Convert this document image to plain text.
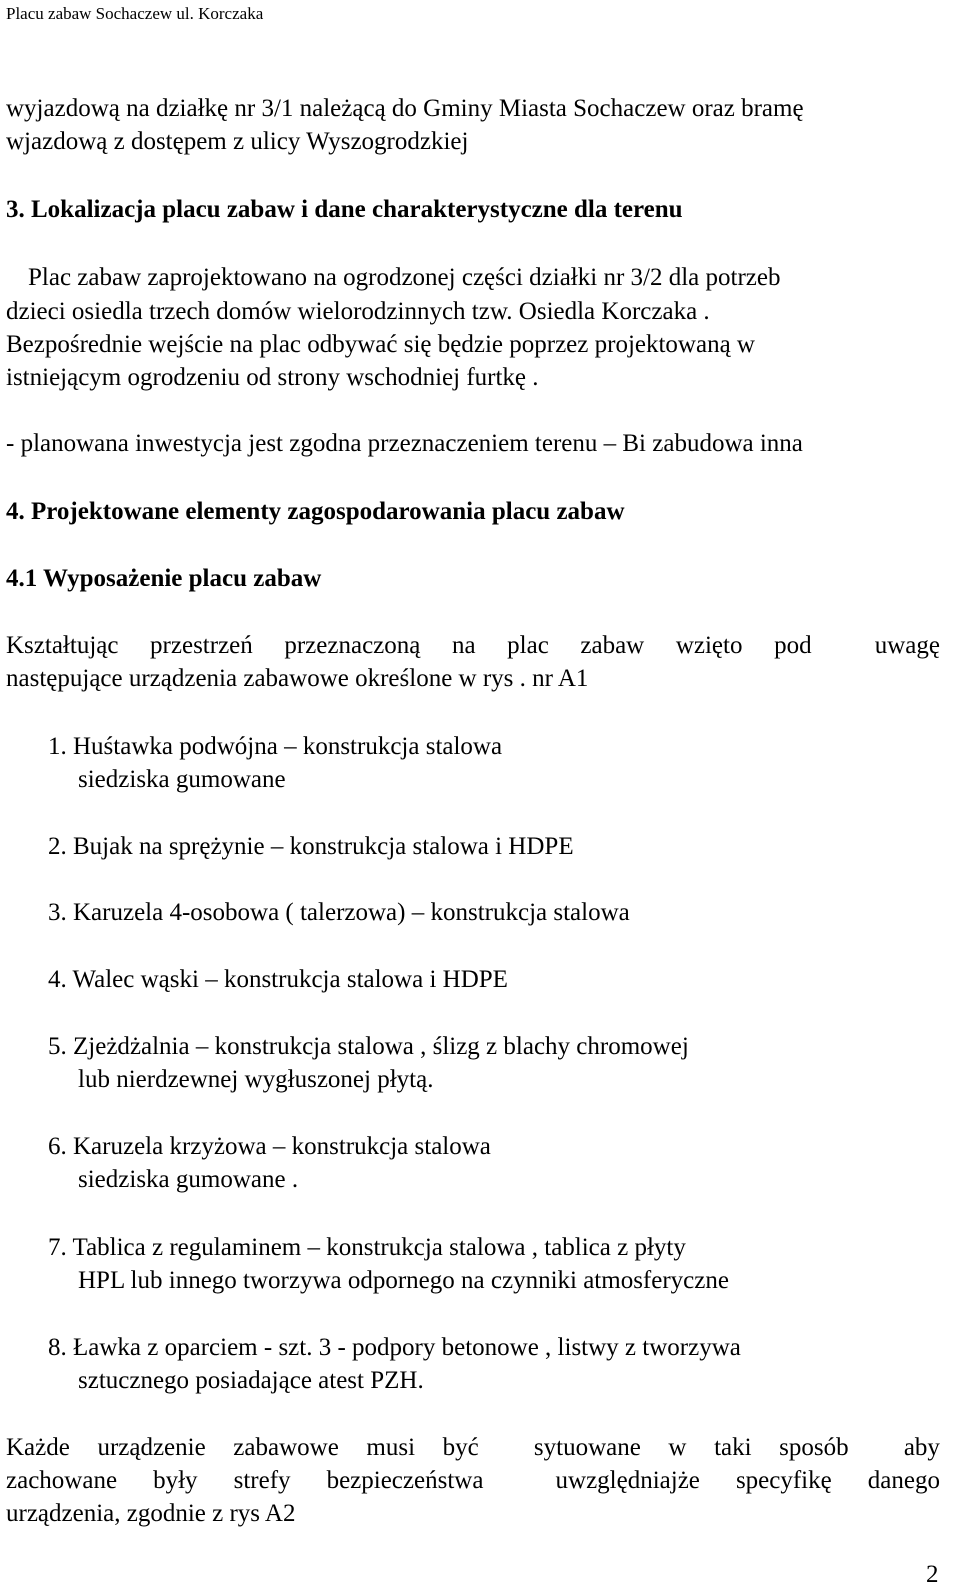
Placu zabaw Sochaczew ul. Korczaka

wyjazdową na działkę nr 3/1 należącą do Gminy Miasta Sochaczew oraz bramę

wjazdową z dostępem z ulicy Wyszogrodzkiej

3. Lokalizacja placu zabaw i dane charakterystyczne dla terenu

Plac zabaw zaprojektowano na ogrodzonej części działki nr 3/2 dla potrzeb

dzieci osiedla trzech domów wielorodzinnych tzw. Osiedla Korczaka .

Bezpośrednie wejście na plac odbywać się będzie poprzez projektowaną w

istniejącym ogrodzeniu od strony wschodniej furtkę .

- planowana inwestycja jest zgodna przeznaczeniem terenu – Bi zabudowa inna

4. Projektowane elementy zagospodarowania placu zabaw

4.1 Wyposażenie placu zabaw

Kształtując przestrzeń przeznaczoną na plac zabaw wzięto pod	uwagę

następujące urządzenia zabawowe określone w rys . nr A1

1. Huśtawka podwójna – konstrukcja stalowa

siedziska gumowane

2. Bujak na sprężynie – konstrukcja stalowa i HDPE

3. Karuzela 4-osobowa ( talerzowa) – konstrukcja stalowa

4. Walec wąski – konstrukcja stalowa i HDPE

5. Zjeżdżalnia – konstrukcja stalowa , ślizg z blachy chromowej

lub nierdzewnej wygłuszonej płytą.

6. Karuzela krzyżowa – konstrukcja stalowa

siedziska gumowane .

7. Tablica z regulaminem – konstrukcja stalowa , tablica z płyty

HPL lub innego tworzywa odpornego na czynniki atmosferyczne

8. Ławka z oparciem - szt. 3 - podpory betonowe , listwy z tworzywa

sztucznego posiadające atest PZH.

Każde urządzenie zabawowe musi być sytuowane w taki sposób aby
zachowane były strefy bezpieczeństwa	uwzględniajże specyfikę danego

urządzenia, zgodnie z rys A2

2
